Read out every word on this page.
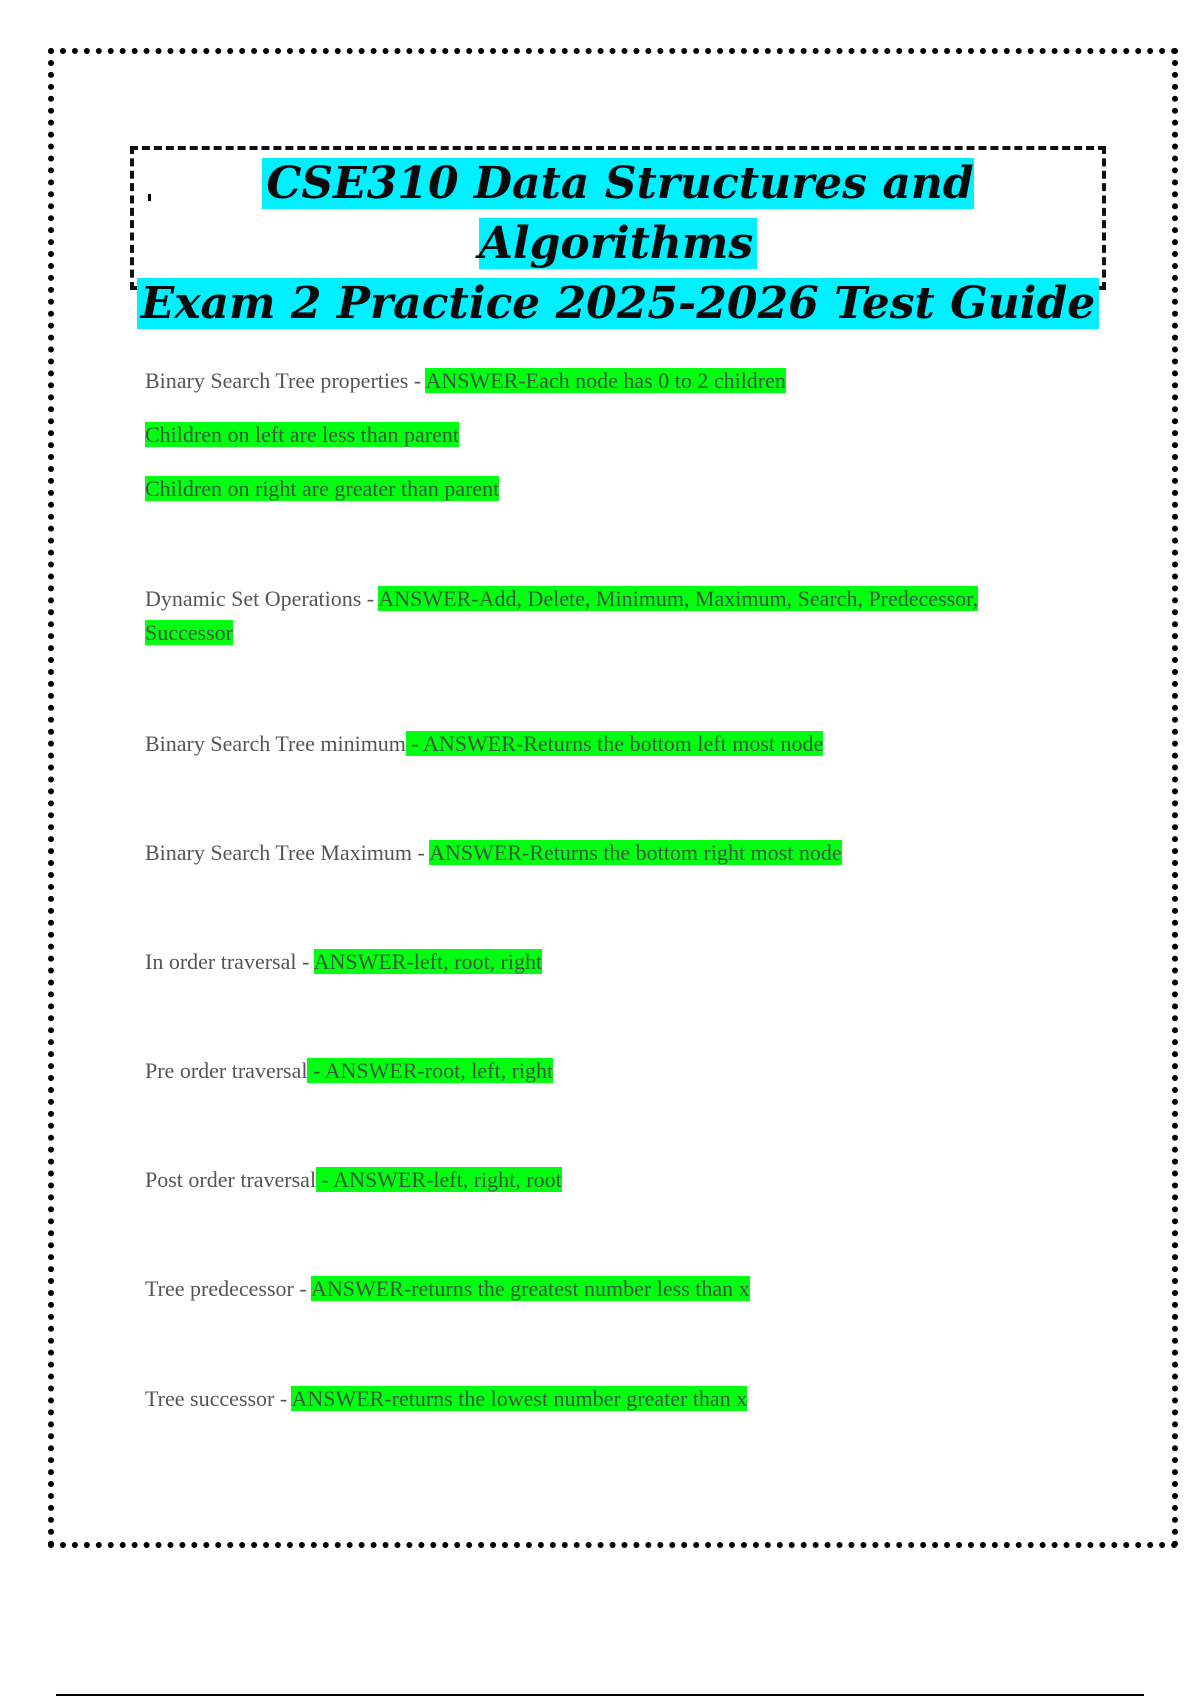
CSE310 Data Structures and Algorithms
Exam 2 Practice 2025-2026 Test Guide
Binary Search Tree properties - ANSWER-Each node has 0 to 2 children
Children on left are less than parent
Children on right are greater than parent
Dynamic Set Operations - ANSWER-Add, Delete, Minimum, Maximum, Search, Predecessor, Successor
Binary Search Tree minimum - ANSWER-Returns the bottom left most node
Binary Search Tree Maximum - ANSWER-Returns the bottom right most node
In order traversal - ANSWER-left, root, right
Pre order traversal - ANSWER-root, left, right
Post order traversal - ANSWER-left, right, root
Tree predecessor - ANSWER-returns the greatest number less than x
Tree successor - ANSWER-returns the lowest number greater than x
